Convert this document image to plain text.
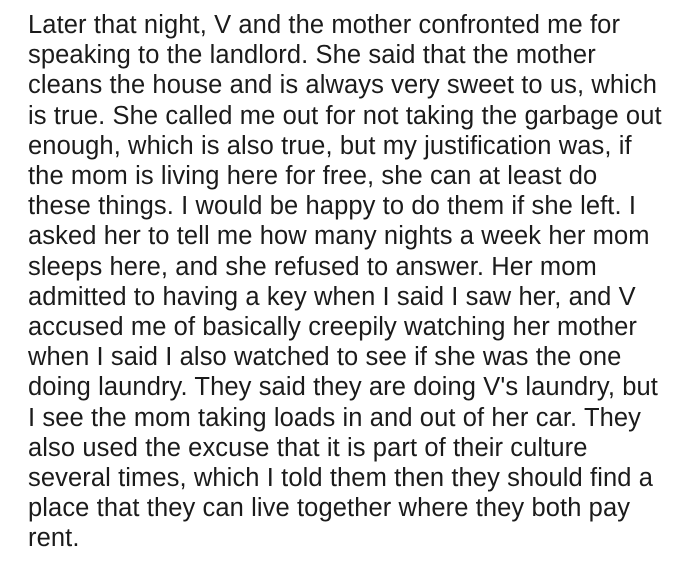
Later that night, V and the mother confronted me for
speaking to the landlord. She said that the mother
cleans the house and is always very sweet to us, which
is true. She called me out for not taking the garbage out
enough, which is also true, but my justification was, if
the mom is living here for free, she can at least do
these things. I would be happy to do them if she left. I
asked her to tell me how many nights a week her mom
sleeps here, and she refused to answer. Her mom
admitted to having a key when I said I saw her, and V
accused me of basically creepily watching her mother
when I said I also watched to see if she was the one
doing laundry. They said they are doing V's laundry, but
I see the mom taking loads in and out of her car. They
also used the excuse that it is part of their culture
several times, which I told them then they should find a
place that they can live together where they both pay
rent.
